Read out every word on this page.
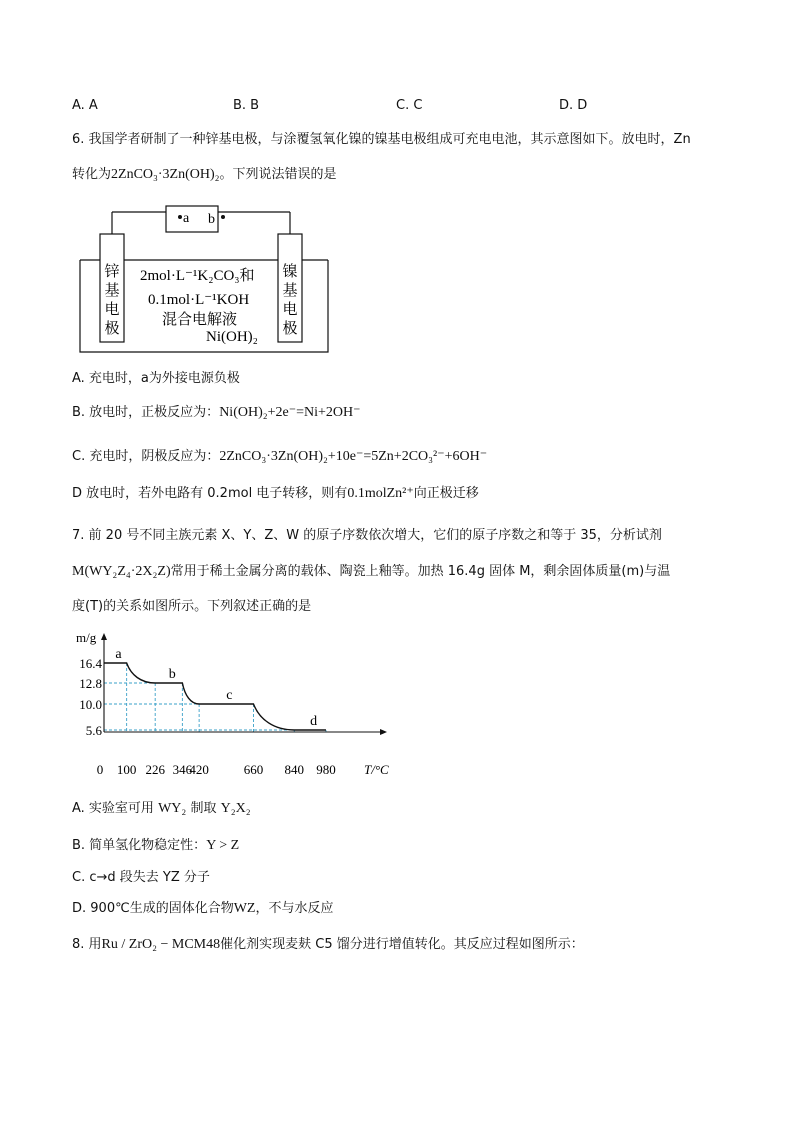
A. A	B. B	C. C	D. D
6. 我国学者研制了一种锌基电极，与涂覆氢氧化镍的镍基电极组成可充电电池，其示意图如下。放电时，Zn
转化为2ZnCO₃·3Zn(OH)₂。下列说法错误的是
a b
锌
基
电
极
镍
基
电
极
2mol·L⁻¹K₂CO₃和
0.1mol·L⁻¹KOH
混合电解液
Ni(OH)₂
A. 充电时，a为外接电源负极
B. 放电时，正极反应为：Ni(OH)₂+2e⁻=Ni+2OH⁻
C. 充电时，阴极反应为：2ZnCO₃·3Zn(OH)₂+10e⁻=5Zn+2CO₃²⁻+6OH⁻
D 放电时，若外电路有 0.2mol 电子转移，则有0.1molZn²⁺向正极迁移
7. 前 20 号不同主族元素 X、Y、Z、W 的原子序数依次增大，它们的原子序数之和等于 35，分析试剂
M(WY₂Z₄·2X₂Z)常用于稀土金属分离的载体、陶瓷上釉等。加热 16.4g 固体 M，剩余固体质量(m)与温
度(T)的关系如图所示。下列叙述正确的是
m/g
T/°C
16.4
12.8
10.0
5.6
0 100 226 346
420	660 840 980
a
b
c
d
A. 实验室可用 WY₂ 制取 Y₂X₂
B. 简单氢化物稳定性：Y > Z
C. c→d 段失去 YZ 分子
D. 900℃生成的固体化合物WZ，不与水反应
8. 用Ru / ZrO₂ − MCM48催化剂实现麦麸 C5 馏分进行增值转化。其反应过程如图所示：
